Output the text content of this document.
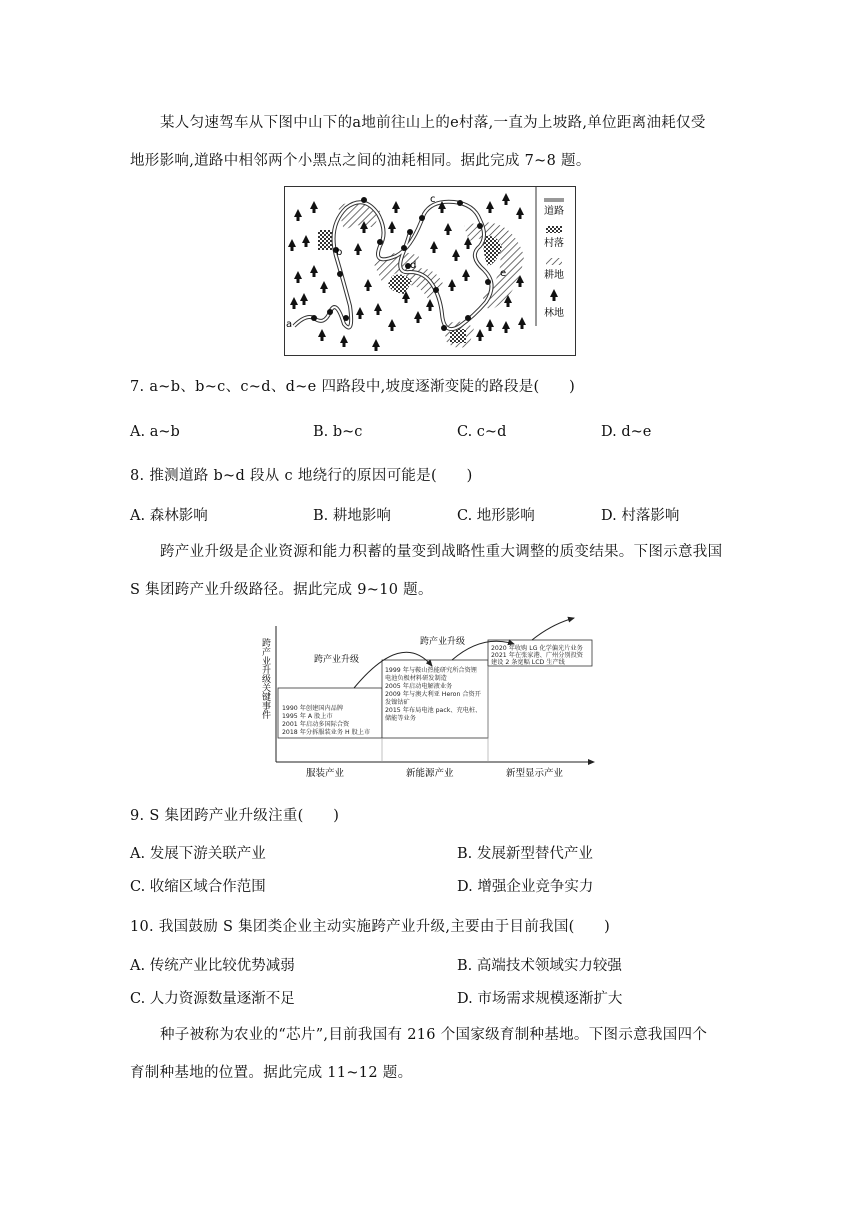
某人匀速驾车从下图中山下的a地前往山上的e村落,一直为上坡路,单位距离油耗仅受
地形影响,道路中相邻两个小黑点之间的油耗相同。据此完成 7~8 题。
a
b
c
d
e
道路
村落
耕地
林地
7. a~b、b~c、c~d、d~e 四路段中,坡度逐渐变陡的路段是(　　)
A. a~b	B. b~c	C. c~d	D. d~e
8. 推测道路 b~d 段从 c 地绕行的原因可能是(　　)
A. 森林影响	B. 耕地影响	C. 地形影响	D. 村落影响
跨产业升级是企业资源和能力积蓄的量变到战略性重大调整的质变结果。下图示意我国
S 集团跨产业升级路径。据此完成 9~10 题。
跨产业升级关键事件 1990 年创建国内品牌
1995 年 A 股上市
2001 年启动多国际合资
2018 年分拆服装业务 H 股上市
1999 年与鞍山热能研究所合资锂
电池负极材料研发制造
2005 年启动电解液业务
2009 年与澳大利亚 Heron 合资开
发镍钴矿
2015 年布局电池 pack、充电桩、
储能等业务
2020 年收购 LG 化学偏光片业务
2021 年在张家港、广州分别投资
建设 2 条宽幅 LCD 生产线
跨产业升级
跨产业升级
服装产业	新能源产业	新型显示产业
9. S 集团跨产业升级注重(　　)
A. 发展下游关联产业	B. 发展新型替代产业
C. 收缩区域合作范围	D. 增强企业竞争实力
10. 我国鼓励 S 集团类企业主动实施跨产业升级,主要由于目前我国(　　)
A. 传统产业比较优势减弱	B. 高端技术领域实力较强
C. 人力资源数量逐渐不足	D. 市场需求规模逐渐扩大
种子被称为农业的“芯片”,目前我国有 216 个国家级育制种基地。下图示意我国四个
育制种基地的位置。据此完成 11~12 题。
